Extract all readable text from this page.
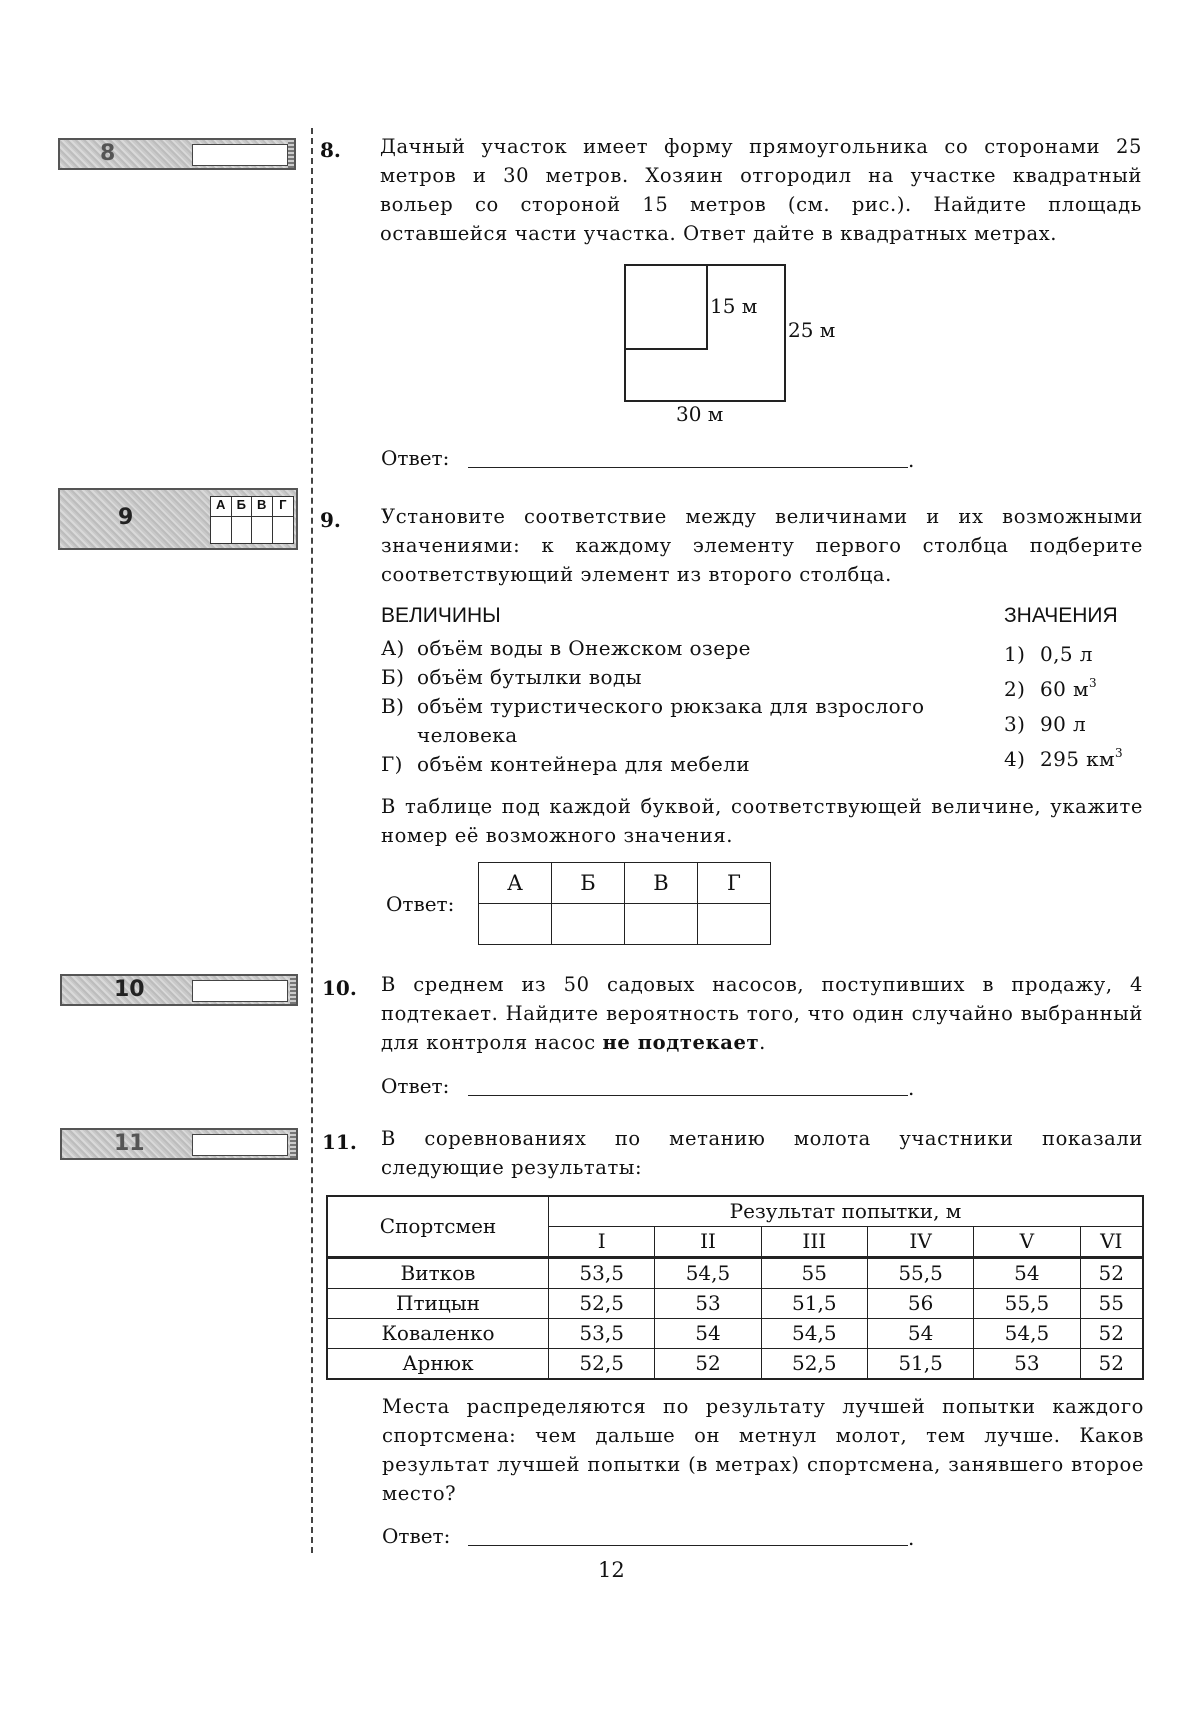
8
9
А Б В Г
10
11
8. Дачный участок имеет форму прямоугольника со сторонами 25 метров и 30 метров. Хозяин отгородил на участке квадратный вольер со стороной 15 метров (см. рис.). Найдите площадь оставшейся части участка. Ответ дайте в квадратных метрах.
15 м
25 м
30 м
Ответ:	.
9. Установите соответствие между величинами и их возможными значениями: к каждому элементу первого столбца подберите соответствующий элемент из второго столбца.
ВЕЛИЧИНЫ	ЗНАЧЕНИЯ
А) объём воды в Онежском озере
Б) объём бутылки воды
В) объём туристического рюкзака для взрослого
человека
Г) объём контейнера для мебели
1) 0,5 л
2) 60 $м^3$
3) 90 л
4) 295 $км^3$
В таблице под каждой буквой, соответствующей величине, укажите номер её возможного значения.
Ответ:
А	Б	В	Г

10. В среднем из 50 садовых насосов, поступивших в продажу, 4 подтекает. Найдите вероятность того, что один случайно выбранный для контроля насос не подтекает.
Ответ:	.
11. В соревнованиях по метанию молота участники показали следующие результаты:
Спортсмен	Результат попытки, м					
	I	II	III	IV	V	VI
Витков	53,5	54,5	55	55,5	54	52
Птицын	52,5	53	51,5	56	55,5	55
Коваленко	53,5	54	54,5	54	54,5	52
Арнюк	52,5	52	52,5	51,5	53	52
Места распределяются по результату лучшей попытки каждого спортсмена: чем дальше он метнул молот, тем лучше. Каков результат лучшей попытки (в метрах) спортсмена, занявшего второе место?
Ответ:	.
12
